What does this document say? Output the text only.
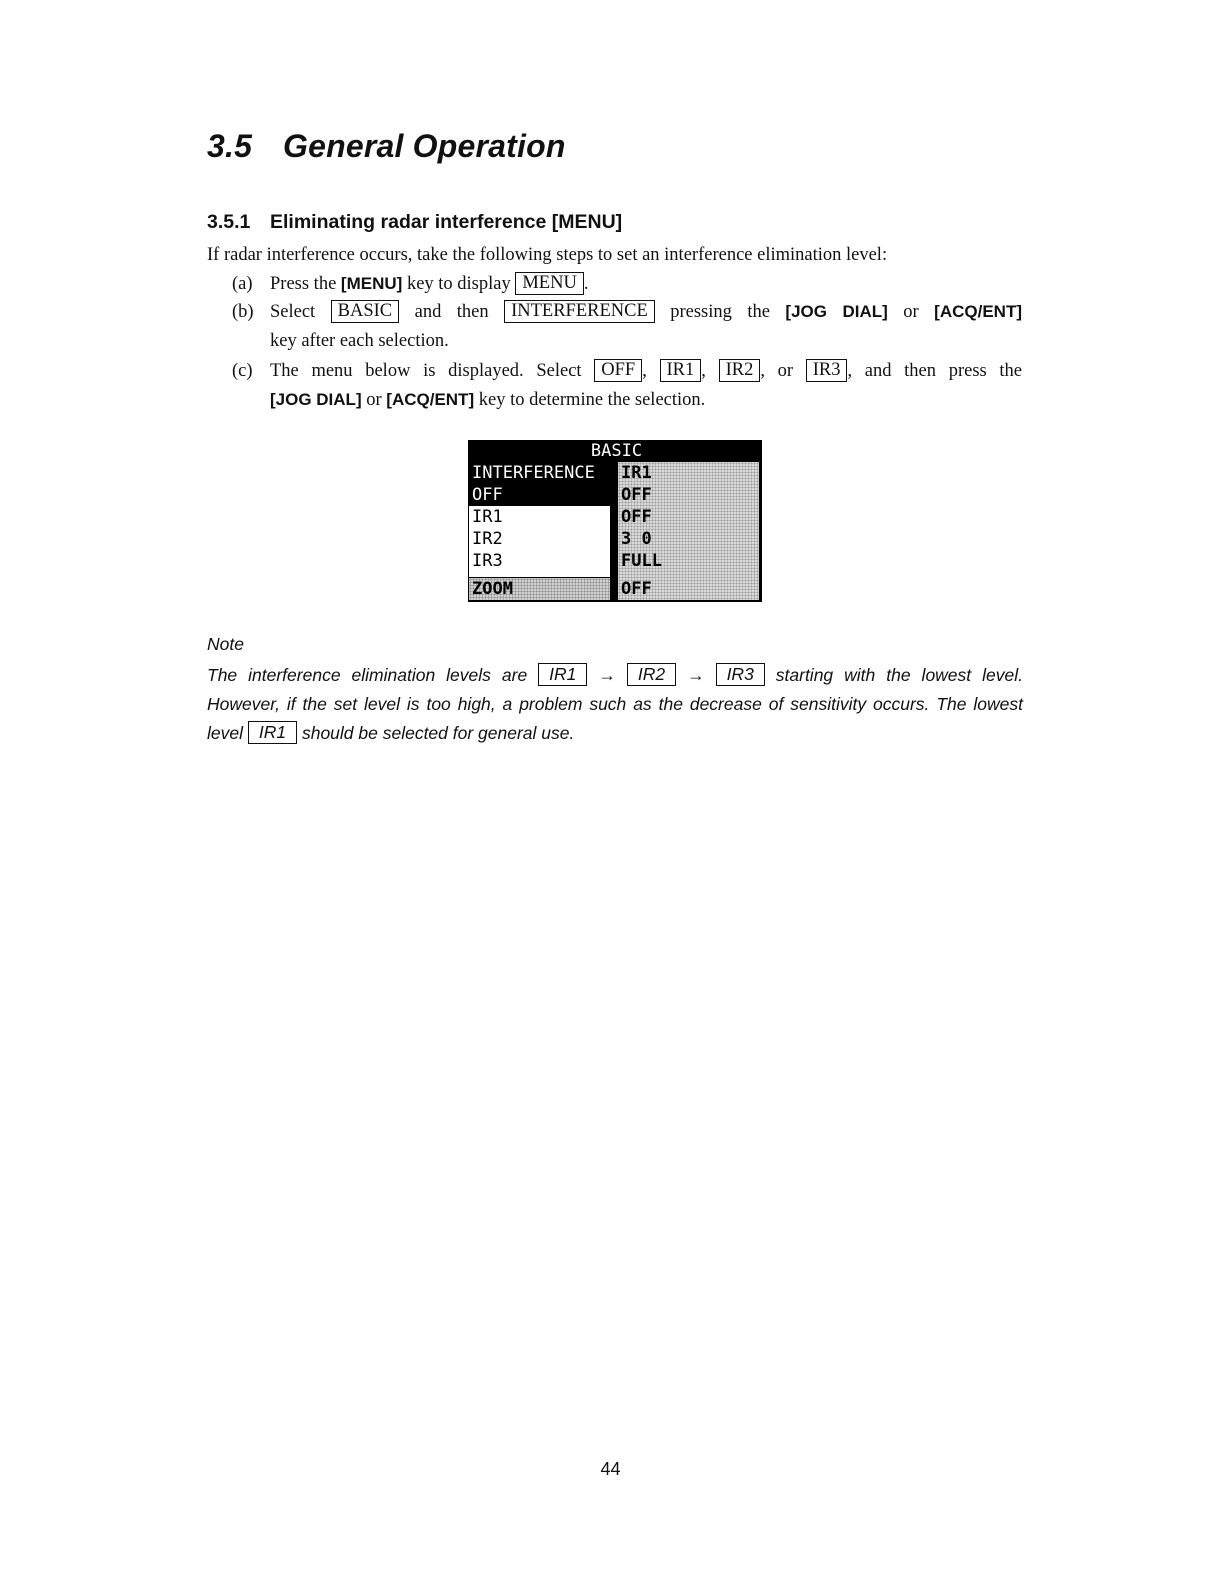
3.5 General Operation
3.5.1 Eliminating radar interference [MENU]
If radar interference occurs, take the following steps to set an interference elimination level:
(a) Press the [MENU] key to display MENU .
(b) Select BASIC and then INTERFERENCE pressing the [JOG DIAL] or [ACQ/ENT]
key after each selection.
(c) The menu below is displayed. Select OFF , IR1 , IR2 , or IR3 , and then press the
[JOG DIAL] or [ACQ/ENT] key to determine the selection.
BASIC
INTERFERENCE
OFF
IR1
IR2
IR3
ZOOM
IR1
OFF
OFF
3 0
FULL
OFF
Note
The interference elimination levels are IR1 → IR2 → IR3 starting with the lowest level.
However, if the set level is too high, a problem such as the decrease of sensitivity occurs. The lowest
level IR1 should be selected for general use.
44
